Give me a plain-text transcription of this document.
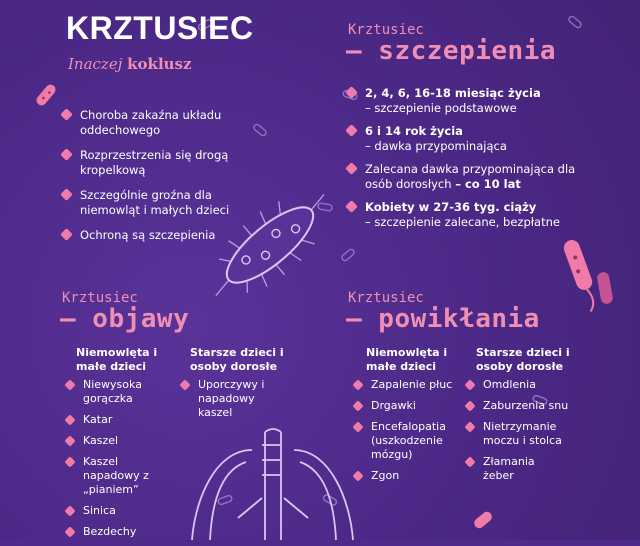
KRZTUSIEC
Inaczej koklusz
Choroba zakaźna układu oddechowego
Rozprzestrzenia się drogą kropelkową
Szczególnie groźna dla niemowląt i małych dzieci
Ochroną są szczepienia
Krztusiec
– szczepienia
2, 4, 6, 16-18 miesiąc życia
– szczepienie podstawowe
6 i 14 rok życia
– dawka przypominająca
Zalecana dawka przypominająca dla osób dorosłych – co 10 lat
Kobiety w 27-36 tyg. ciąży
– szczepienie zalecane, bezpłatne
Krztusiec
– objawy
Niemowlęta i małe dzieci
Niewysoka gorączka
Katar
Kaszel
Kaszel napadowy z „pianiem”
Sinica
Bezdechy
Starsze dzieci i osoby dorosłe
Uporczywy i napadowy kaszel
Krztusiec
– powikłania
Niemowlęta i małe dzieci
Zapalenie płuc
Drgawki
Encefalopatia (uszkodzenie mózgu)
Zgon
Starsze dzieci i osoby dorosłe
Omdlenia
Zaburzenia snu
Nietrzymanie moczu i stolca
Złamania żeber
